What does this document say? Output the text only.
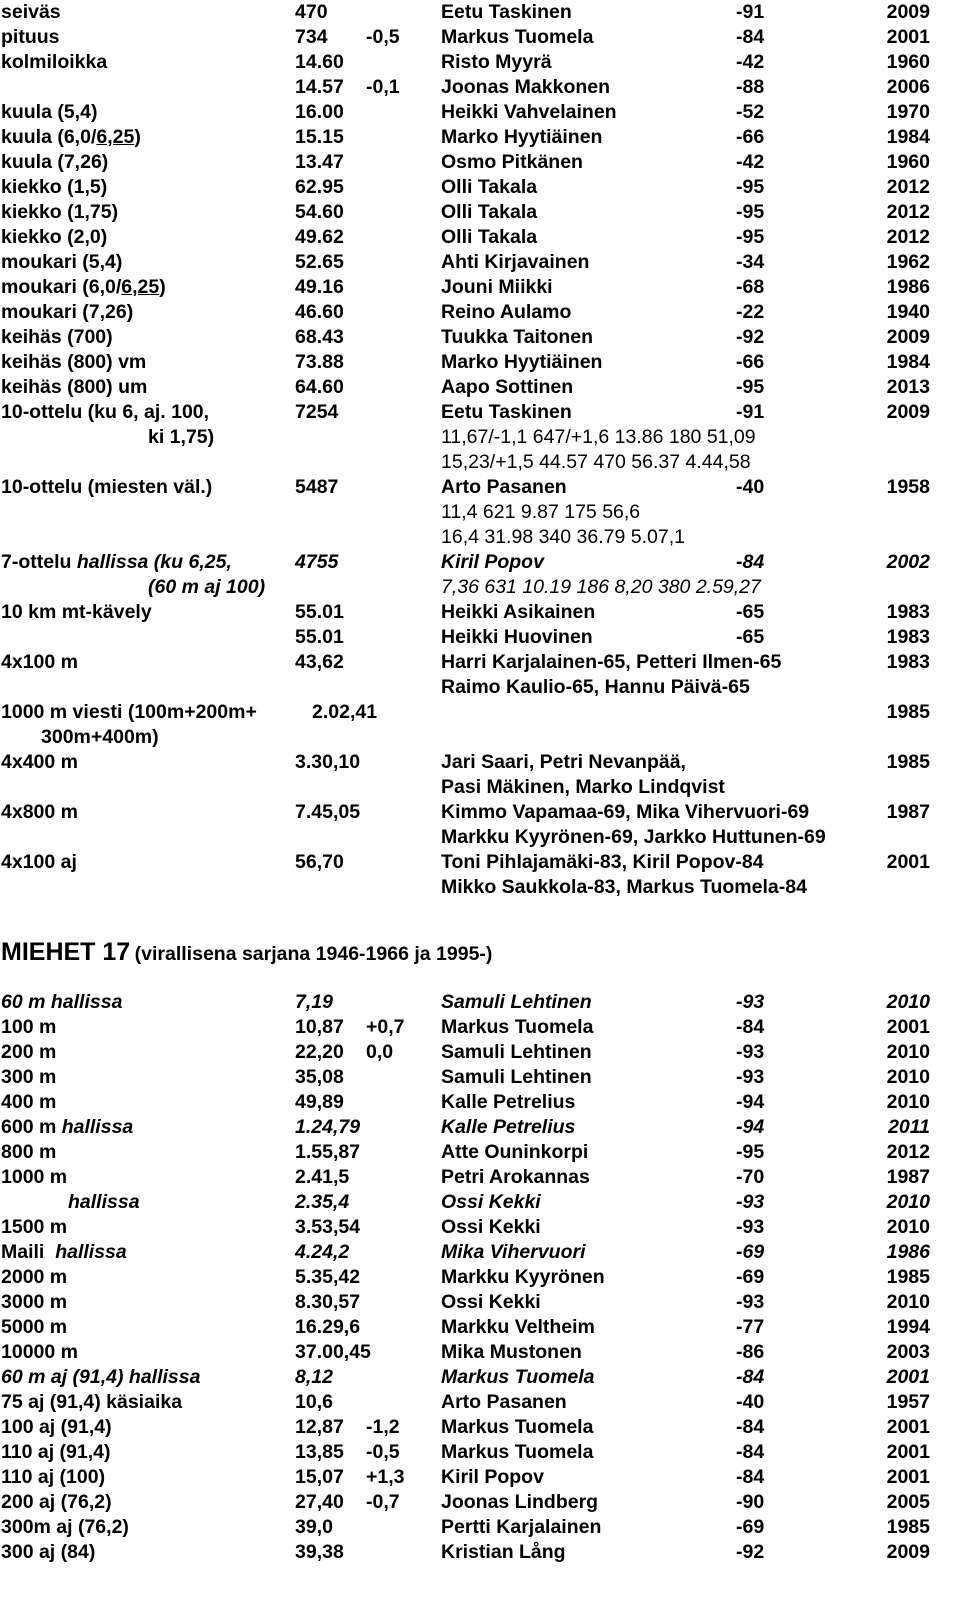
seiväs	470	Eetu Taskinen	-91	2009
pituus	734 -0,5 Markus Tuomela	-84	2001
kolmiloikka	14.60	Risto Myyrä	-42	1960
14.57 -0,1 Joonas Makkonen	-88	2006
kuula (5,4)	16.00	Heikki Vahvelainen	-52	1970
kuula (6,0/6,25)	15.15	Marko Hyytiäinen	-66	1984
kuula (7,26)	13.47	Osmo Pitkänen	-42	1960
kiekko (1,5)	62.95	Olli Takala	-95	2012
kiekko (1,75)	54.60	Olli Takala	-95	2012
kiekko (2,0)	49.62	Olli Takala	-95	2012
moukari (5,4)	52.65	Ahti Kirjavainen	-34	1962
moukari (6,0/6,25)	49.16	Jouni Miikki	-68	1986
moukari (7,26)	46.60	Reino Aulamo	-22	1940
keihäs (700)	68.43	Tuukka Taitonen	-92	2009
keihäs (800) vm	73.88	Marko Hyytiäinen	-66	1984
keihäs (800) um	64.60	Aapo Sottinen	-95	2013
10-ottelu (ku 6, aj. 100,	7254	Eetu Taskinen	-91	2009
ki 1,75)	11,67/-1,1 647/+1,6 13.86 180 51,09
15,23/+1,5 44.57 470 56.37 4.44,58
10-ottelu (miesten väl.)	5487	Arto Pasanen	-40	1958
11,4 621 9.87 175 56,6
16,4 31.98 340 36.79 5.07,1
7-ottelu hallissa (ku 6,25,	4755	Kiril Popov	-84	2002
(60 m aj 100)	7,36 631 10.19 186 8,20 380 2.59,27
10 km mt-kävely	55.01	Heikki Asikainen	-65	1983
55.01	Heikki Huovinen	-65	1983
4x100 m	43,62	Harri Karjalainen-65, Petteri Ilmen-65	1983
Raimo Kaulio-65, Hannu Päivä-65
1000 m viesti (100m+200m+	2.02,41	1985
300m+400m)
4x400 m	3.30,10	Jari Saari, Petri Nevanpää,	1985
Pasi Mäkinen, Marko Lindqvist
4x800 m	7.45,05	Kimmo Vapamaa-69, Mika Vihervuori-69	1987
Markku Kyyrönen-69, Jarkko Huttunen-69
4x100 aj	56,70	Toni Pihlajamäki-83, Kiril Popov-84	2001
Mikko Saukkola-83, Markus Tuomela-84
MIEHET 17 (virallisena sarjana 1946-1966 ja 1995-)
60 m hallissa	7,19	Samuli Lehtinen	-93	2010
100 m	10,87 +0,7 Markus Tuomela	-84	2001
200 m	22,20 0,0 Samuli Lehtinen	-93	2010
300 m	35,08	Samuli Lehtinen	-93	2010
400 m	49,89	Kalle Petrelius	-94	2010
600 m hallissa	1.24,79	Kalle Petrelius	-94	2011
800 m	1.55,87	Atte Ouninkorpi	-95	2012
1000 m	2.41,5	Petri Arokannas	-70	1987
hallissa	2.35,4	Ossi Kekki	-93	2010
1500 m	3.53,54	Ossi Kekki	-93	2010
Maili  hallissa	4.24,2	Mika Vihervuori	-69	1986
2000 m	5.35,42	Markku Kyyrönen	-69	1985
3000 m	8.30,57	Ossi Kekki	-93	2010
5000 m	16.29,6	Markku Veltheim	-77	1994
10000 m	37.00,45	Mika Mustonen	-86	2003
60 m aj (91,4) hallissa	8,12	Markus Tuomela	-84	2001
75 aj (91,4) käsiaika	10,6	Arto Pasanen	-40	1957
100 aj (91,4)	12,87 -1,2 Markus Tuomela	-84	2001
110 aj (91,4)	13,85 -0,5 Markus Tuomela	-84	2001
110 aj (100)	15,07 +1,3 Kiril Popov	-84	2001
200 aj (76,2)	27,40 -0,7 Joonas Lindberg	-90	2005
300m aj (76,2)	39,0	Pertti Karjalainen	-69	1985
300 aj (84)	39,38	Kristian Lång	-92	2009
